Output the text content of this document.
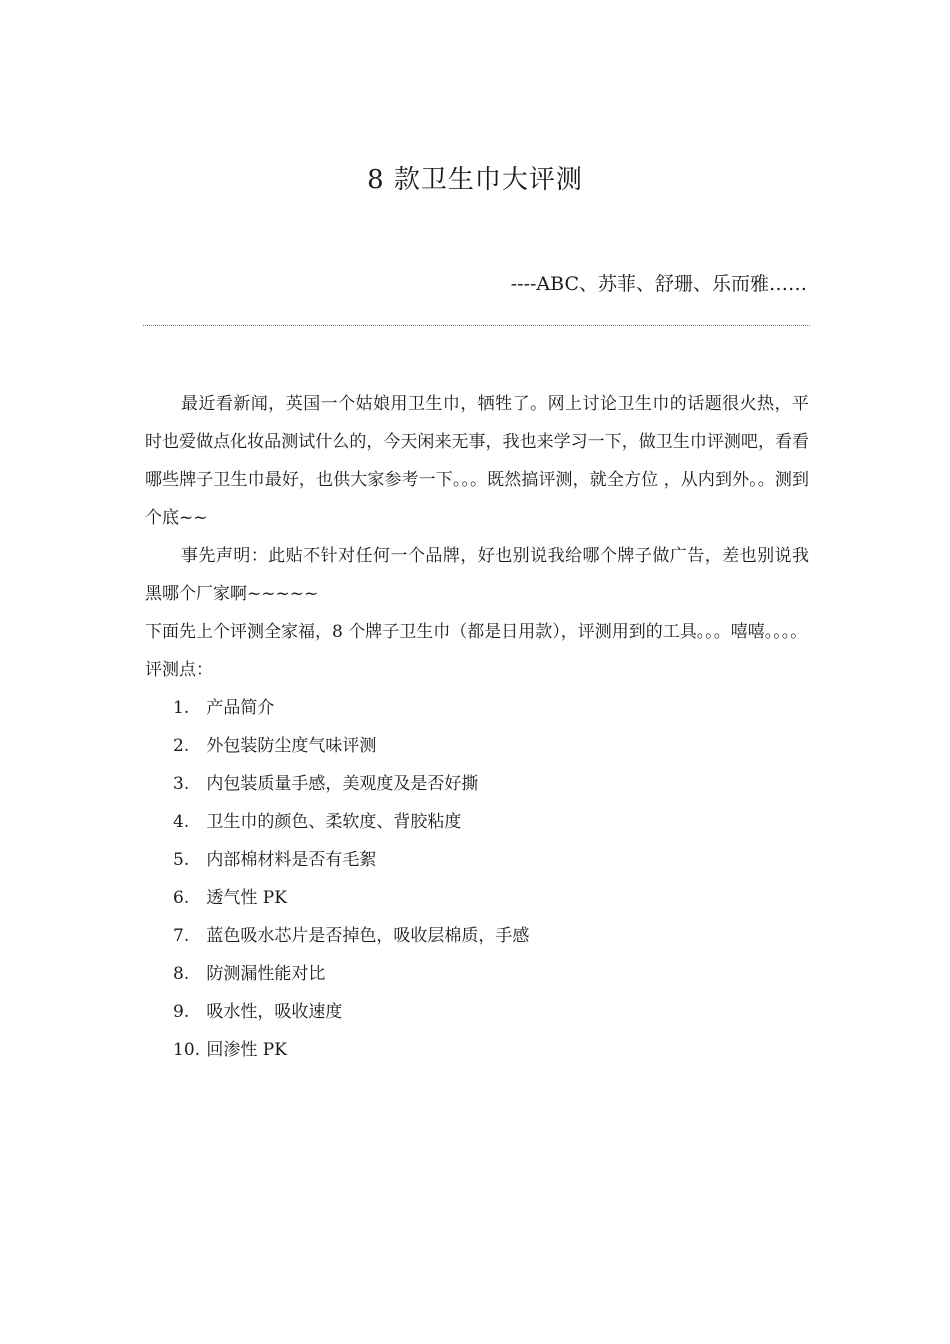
8 款卫生巾大评测
----ABC、苏菲、舒珊、乐而雅……

最近看新闻，英国一个姑娘用卫生巾，牺牲了。网上讨论卫生巾的话题很火热，平时也爱做点化妆品测试什么的，今天闲来无事，我也来学习一下，做卫生巾评测吧，看看哪些牌子卫生巾最好，也供大家参考一下。。。既然搞评测，就全方位 ，从内到外。。测到个底~~

事先声明：此贴不针对任何一个品牌，好也别说我给哪个牌子做广告，差也别说我黑哪个厂家啊~~~~~

下面先上个评测全家福，8 个牌子卫生巾（都是日用款），评测用到的工具。。。嘻嘻。。。。

评测点：

1. 产品简介
2. 外包装防尘度气味评测
3. 内包装质量手感，美观度及是否好撕
4. 卫生巾的颜色、柔软度、背胶粘度
5. 内部棉材料是否有毛絮
6. 透气性 PK
7. 蓝色吸水芯片是否掉色，吸收层棉质，手感
8. 防测漏性能对比
9. 吸水性，吸收速度
10. 回渗性 PK
